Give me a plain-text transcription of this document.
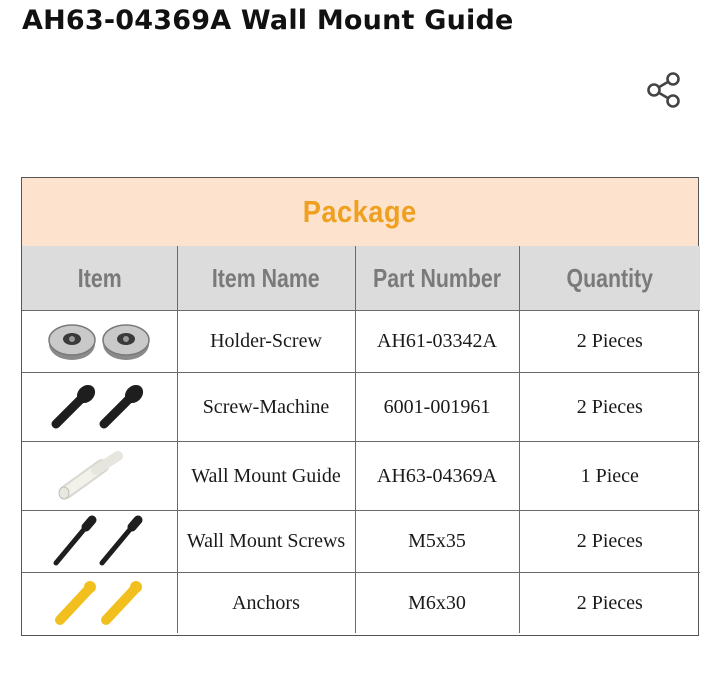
AH63-04369A Wall Mount Guide
Package
Item	Item Name	Part Number	Quantity

	Holder-Screw	AH61-03342A	2 Pieces

	Screw-Machine	6001-001961	2 Pieces

	Wall Mount Guide	AH63-04369A	1 Piece

	Wall Mount Screws	M5x35	2 Pieces

	Anchors	M6x30	2 Pieces
